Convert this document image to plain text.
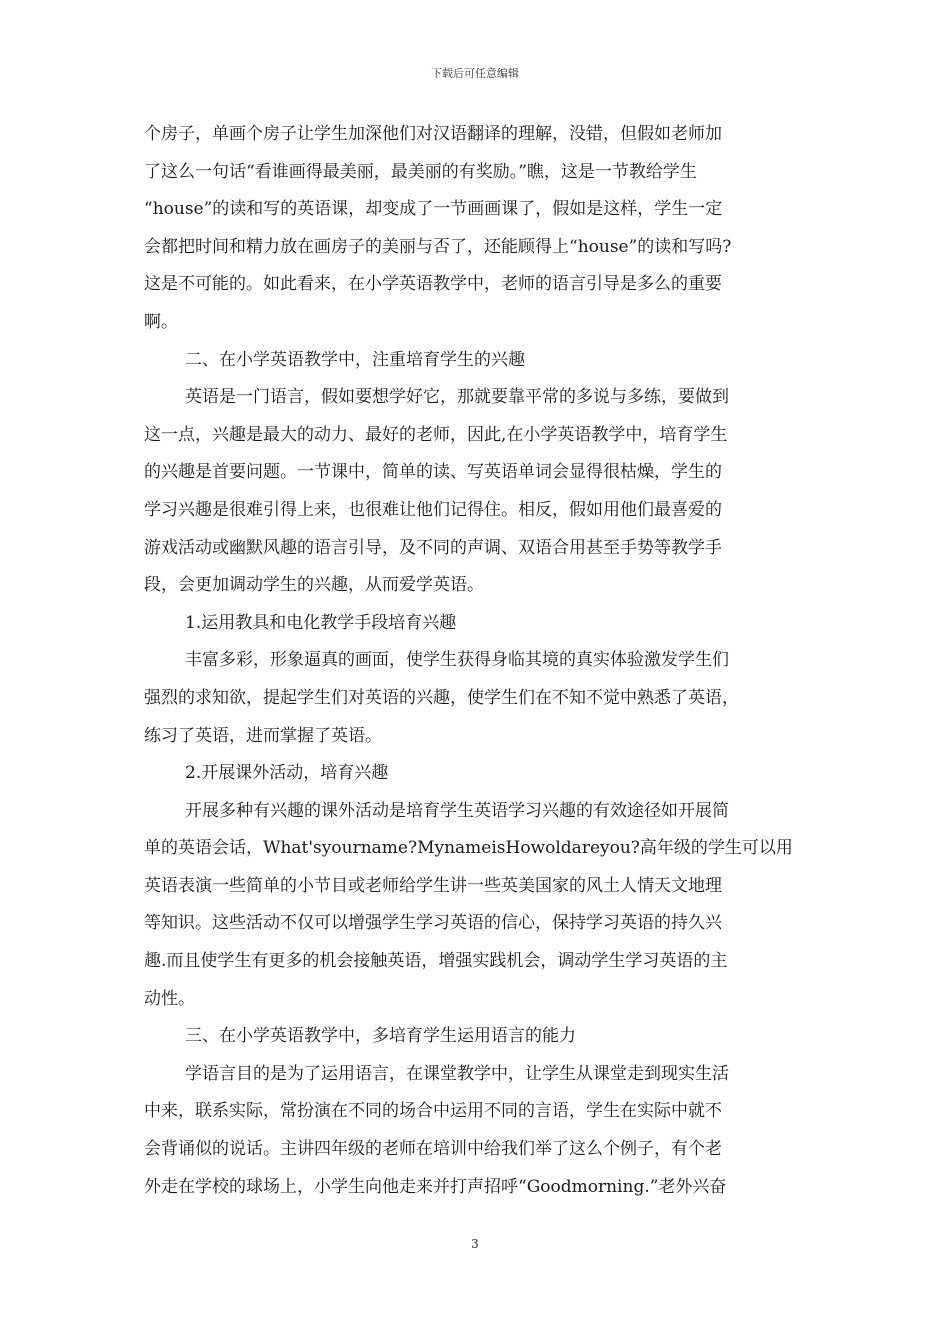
下载后可任意编辑
个房子，单画个房子让学生加深他们对汉语翻译的理解，没错，但假如老师加
了这么一句话“看谁画得最美丽，最美丽的有奖励。”瞧，这是一节教给学生
“house”的读和写的英语课，却变成了一节画画课了，假如是这样，学生一定
会都把时间和精力放在画房子的美丽与否了，还能顾得上“house”的读和写吗?
这是不可能的。如此看来，在小学英语教学中，老师的语言引导是多么的重要
啊。
二、在小学英语教学中，注重培育学生的兴趣
英语是一门语言，假如要想学好它，那就要靠平常的多说与多练，要做到
这一点，兴趣是最大的动力、最好的老师，因此,在小学英语教学中，培育学生
的兴趣是首要问题。一节课中，简单的读、写英语单词会显得很枯燥，学生的
学习兴趣是很难引得上来，也很难让他们记得住。相反，假如用他们最喜爱的
游戏活动或幽默风趣的语言引导，及不同的声调、双语合用甚至手势等教学手
段，会更加调动学生的兴趣，从而爱学英语。
1.运用教具和电化教学手段培育兴趣
丰富多彩，形象逼真的画面，使学生获得身临其境的真实体验激发学生们
强烈的求知欲，提起学生们对英语的兴趣，使学生们在不知不觉中熟悉了英语，
练习了英语，进而掌握了英语。
2.开展课外活动，培育兴趣
开展多种有兴趣的课外活动是培育学生英语学习兴趣的有效途径如开展简
单的英语会话，What'syourname?MynameisHowoldareyou?高年级的学生可以用
英语表演一些简单的小节目或老师给学生讲一些英美国家的风土人情天文地理
等知识。这些活动不仅可以增强学生学习英语的信心，保持学习英语的持久兴
趣.而且使学生有更多的机会接触英语，增强实践机会，调动学生学习英语的主
动性。
三、在小学英语教学中，多培育学生运用语言的能力
学语言目的是为了运用语言，在课堂教学中，让学生从课堂走到现实生活
中来，联系实际，常扮演在不同的场合中运用不同的言语，学生在实际中就不
会背诵似的说话。主讲四年级的老师在培训中给我们举了这么个例子，有个老
外走在学校的球场上，小学生向他走来并打声招呼“Goodmorning.”老外兴奋
3
